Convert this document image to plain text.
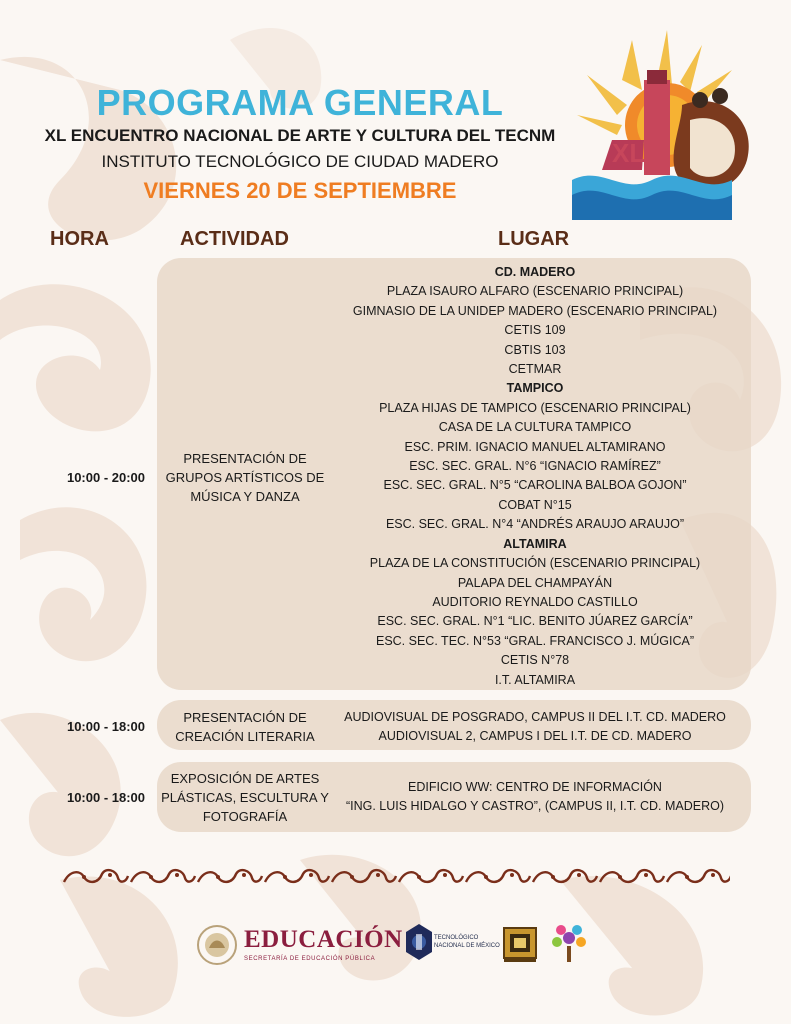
PROGRAMA GENERAL
XL ENCUENTRO NACIONAL DE ARTE Y CULTURA DEL TECNM
INSTITUTO TECNOLÓGICO DE CIUDAD MADERO
VIERNES 20 DE SEPTIEMBRE
XL
HORA	ACTIVIDAD	LUGAR
10:00 - 20:00
PRESENTACIÓN DE
GRUPOS ARTÍSTICOS DE
MÚSICA Y DANZA
CD. MADERO
PLAZA ISAURO ALFARO (ESCENARIO PRINCIPAL)
GIMNASIO DE LA UNIDEP MADERO (ESCENARIO PRINCIPAL)
CETIS 109
CBTIS 103
CETMAR
TAMPICO
PLAZA HIJAS DE TAMPICO (ESCENARIO PRINCIPAL)
CASA DE LA CULTURA TAMPICO
ESC. PRIM. IGNACIO MANUEL ALTAMIRANO
ESC. SEC. GRAL. N°6 “IGNACIO RAMÍREZ”
ESC. SEC. GRAL. N°5 “CAROLINA BALBOA GOJON”
COBAT N°15
ESC. SEC. GRAL. N°4 “ANDRÉS ARAUJO ARAUJO”
ALTAMIRA
PLAZA DE LA CONSTITUCIÓN (ESCENARIO PRINCIPAL)
PALAPA DEL CHAMPAYÁN
AUDITORIO REYNALDO CASTILLO
ESC. SEC. GRAL. N°1 “LIC. BENITO JÚAREZ GARCÍA”
ESC. SEC. TEC. N°53 “GRAL. FRANCISCO J. MÚGICA”
CETIS N°78
I.T. ALTAMIRA
10:00 - 18:00
PRESENTACIÓN DE
CREACIÓN LITERARIA
AUDIOVISUAL DE POSGRADO, CAMPUS II DEL I.T. CD. MADERO
AUDIOVISUAL 2, CAMPUS I DEL I.T. DE CD. MADERO
10:00 - 18:00
EXPOSICIÓN DE ARTES
PLÁSTICAS, ESCULTURA Y
FOTOGRAFÍA
EDIFICIO WW: CENTRO DE INFORMACIÓN
“ING. LUIS HIDALGO Y CASTRO”, (CAMPUS II, I.T. CD. MADERO)
EDUCACIÓN
SECRETARÍA DE EDUCACIÓN PÚBLICA
TECNOLÓGICO
NACIONAL DE MÉXICO
